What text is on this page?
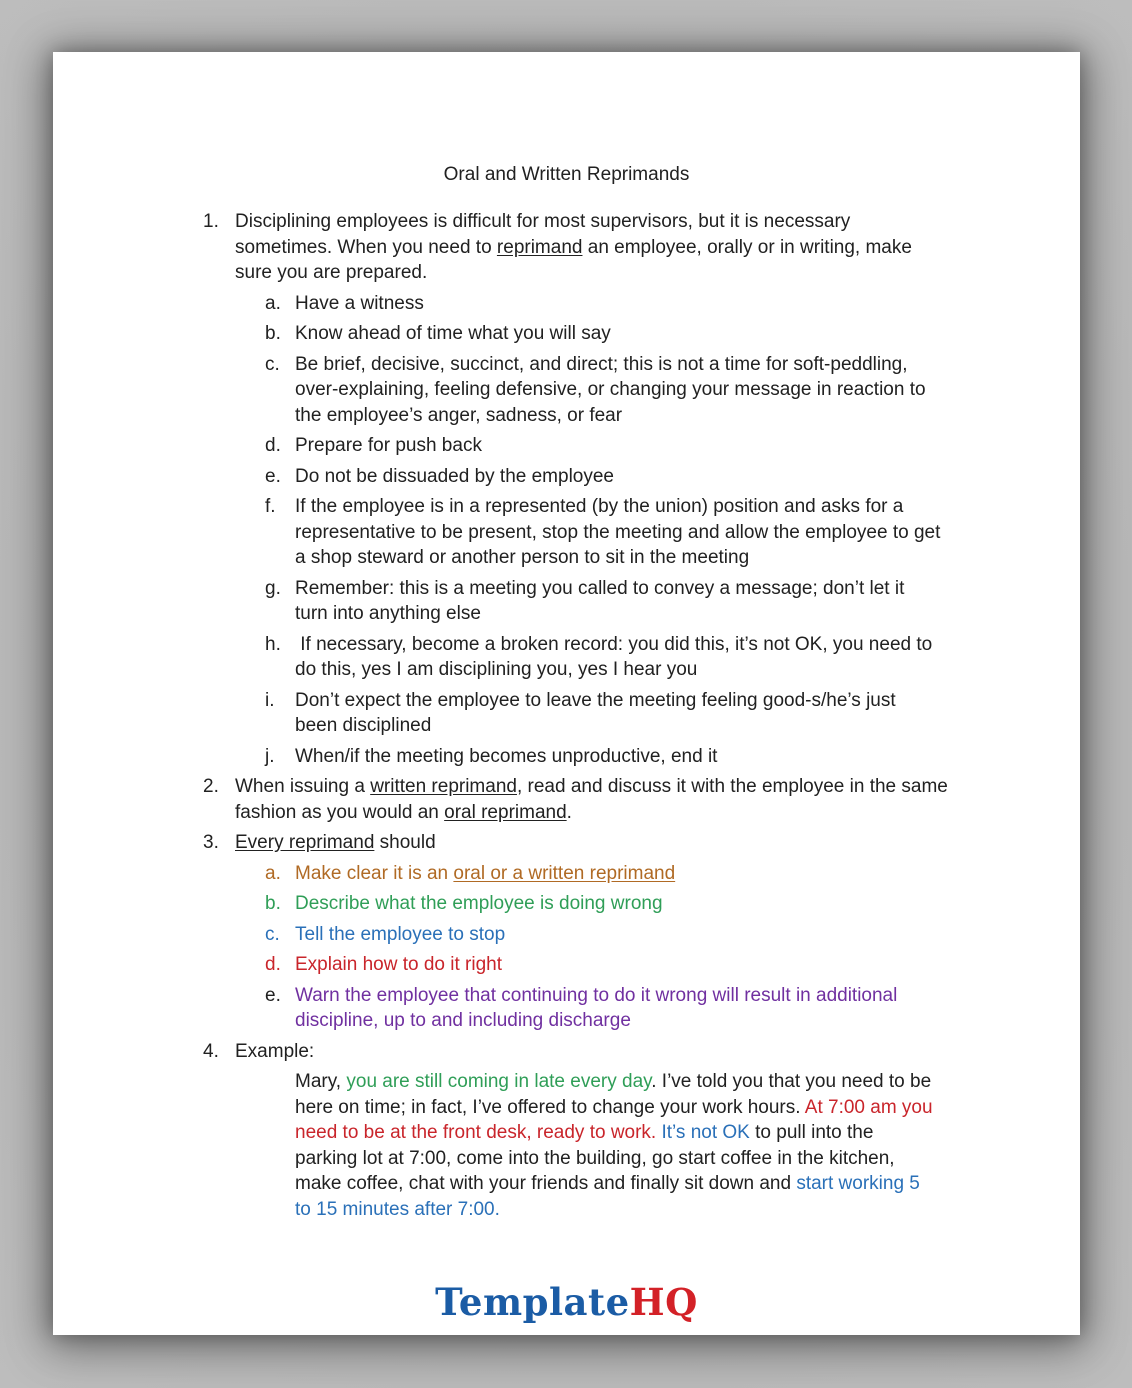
Oral and Written Reprimands
1. Disciplining employees is difficult for most supervisors, but it is necessary sometimes. When you need to reprimand an employee, orally or in writing, make sure you are prepared.
a. Have a witness
b. Know ahead of time what you will say
c. Be brief, decisive, succinct, and direct; this is not a time for soft-peddling, over-explaining, feeling defensive, or changing your message in reaction to the employee’s anger, sadness, or fear
d. Prepare for push back
e. Do not be dissuaded by the employee
f. If the employee is in a represented (by the union) position and asks for a representative to be present, stop the meeting and allow the employee to get a shop steward or another person to sit in the meeting
g. Remember: this is a meeting you called to convey a message; don’t let it turn into anything else
h. If necessary, become a broken record: you did this, it’s not OK, you need to do this, yes I am disciplining you, yes I hear you
i. Don’t expect the employee to leave the meeting feeling good-s/he’s just been disciplined
j. When/if the meeting becomes unproductive, end it
2. When issuing a written reprimand, read and discuss it with the employee in the same fashion as you would an oral reprimand.
3. Every reprimand should
a. Make clear it is an oral or a written reprimand
b. Describe what the employee is doing wrong
c. Tell the employee to stop
d. Explain how to do it right
e. Warn the employee that continuing to do it wrong will result in additional discipline, up to and including discharge
4. Example:
Mary, you are still coming in late every day. I’ve told you that you need to be here on time; in fact, I’ve offered to change your work hours. At 7:00 am you need to be at the front desk, ready to work. It’s not OK to pull into the parking lot at 7:00, come into the building, go start coffee in the kitchen, make coffee, chat with your friends and finally sit down and start working 5 to 15 minutes after 7:00.
TemplateHQ
